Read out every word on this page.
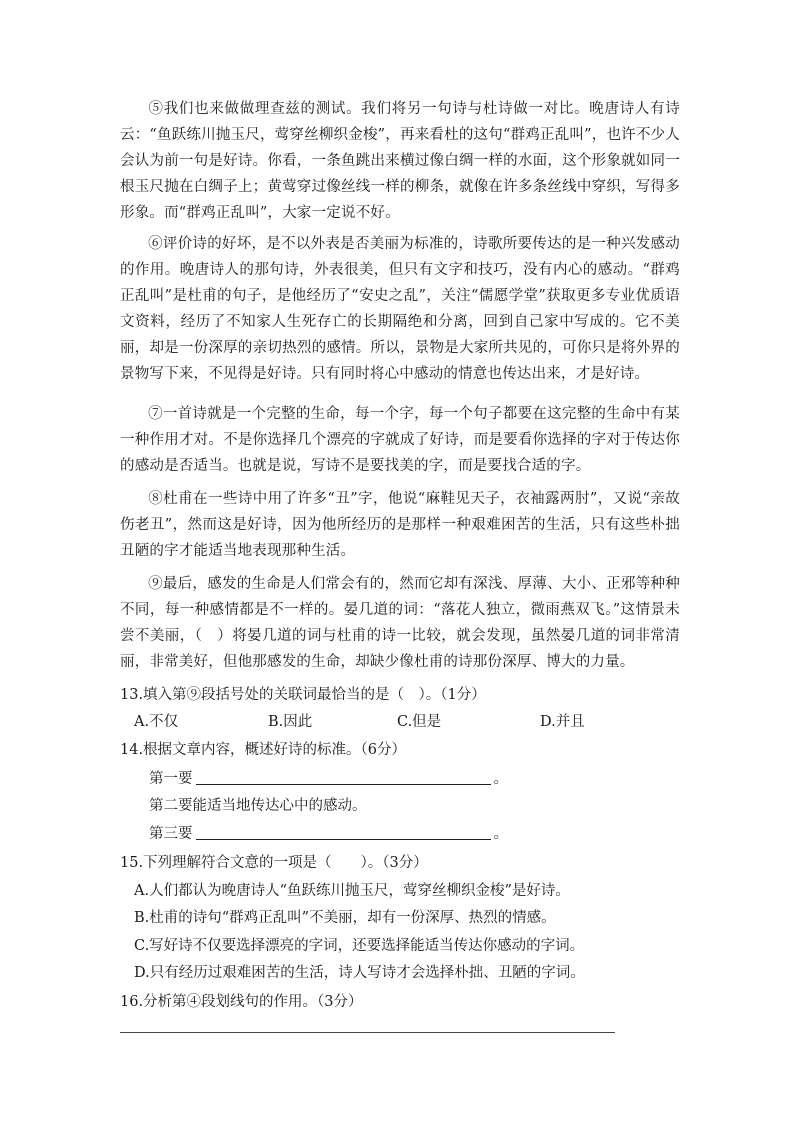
⑤我们也来做做理查兹的测试。我们将另一句诗与杜诗做一对比。晚唐诗人有诗云：“鱼跃练川抛玉尺，莺穿丝柳织金梭”，再来看杜的这句“群鸡正乱叫”，也许不少人会认为前一句是好诗。你看，一条鱼跳出来横过像白绸一样的水面，这个形象就如同一根玉尺抛在白绸子上；黄莺穿过像丝线一样的柳条，就像在许多条丝线中穿织，写得多形象。而“群鸡正乱叫”，大家一定说不好。

⑥评价诗的好坏，是不以外表是否美丽为标准的，诗歌所要传达的是一种兴发感动的作用。晚唐诗人的那句诗，外表很美，但只有文字和技巧，没有内心的感动。“群鸡正乱叫”是杜甫的句子，是他经历了“安史之乱”，关注“儒愿学堂”获取更多专业优质语文资料，经历了不知家人生死存亡的长期隔绝和分离，回到自己家中写成的。它不美丽，却是一份深厚的亲切热烈的感情。所以，景物是大家所共见的，可你只是将外界的景物写下来，不见得是好诗。只有同时将心中感动的情意也传达出来，才是好诗。

⑦一首诗就是一个完整的生命，每一个字，每一个句子都要在这完整的生命中有某一种作用才对。不是你选择几个漂亮的字就成了好诗，而是要看你选择的字对于传达你的感动是否适当。也就是说，写诗不是要找美的字，而是要找合适的字。

⑧杜甫在一些诗中用了许多“丑”字，他说“麻鞋见天子，衣袖露两肘”，又说“亲故伤老丑”，然而这是好诗，因为他所经历的是那样一种艰难困苦的生活，只有这些朴拙丑陋的字才能适当地表现那种生活。

⑨最后，感发的生命是人们常会有的，然而它却有深浅、厚薄、大小、正邪等种种不同，每一种感情都是不一样的。晏几道的词：“落花人独立，微雨燕双飞。”这情景未尝不美丽，（　）将晏几道的词与杜甫的诗一比较，就会发现，虽然晏几道的词非常清丽，非常美好，但他那感发的生命，却缺少像杜甫的诗那份深厚、博大的力量。

13.填入第⑨段括号处的关联词最恰当的是（　）。（1分）
A.不仅	B.因此	C.但是	D.并且
14.根据文章内容，概述好诗的标准。（6分）
第一要	。
第二要能适当地传达心中的感动。
第三要	。
15.下列理解符合文意的一项是（　　）。（3分）
A.人们都认为晚唐诗人“鱼跃练川抛玉尺，莺穿丝柳织金梭”是好诗。
B.杜甫的诗句“群鸡正乱叫”不美丽，却有一份深厚、热烈的情感。
C.写好诗不仅要选择漂亮的字词，还要选择能适当传达你感动的字词。
D.只有经历过艰难困苦的生活，诗人写诗才会选择朴拙、丑陋的字词。
16.分析第④段划线句的作用。（3分）
